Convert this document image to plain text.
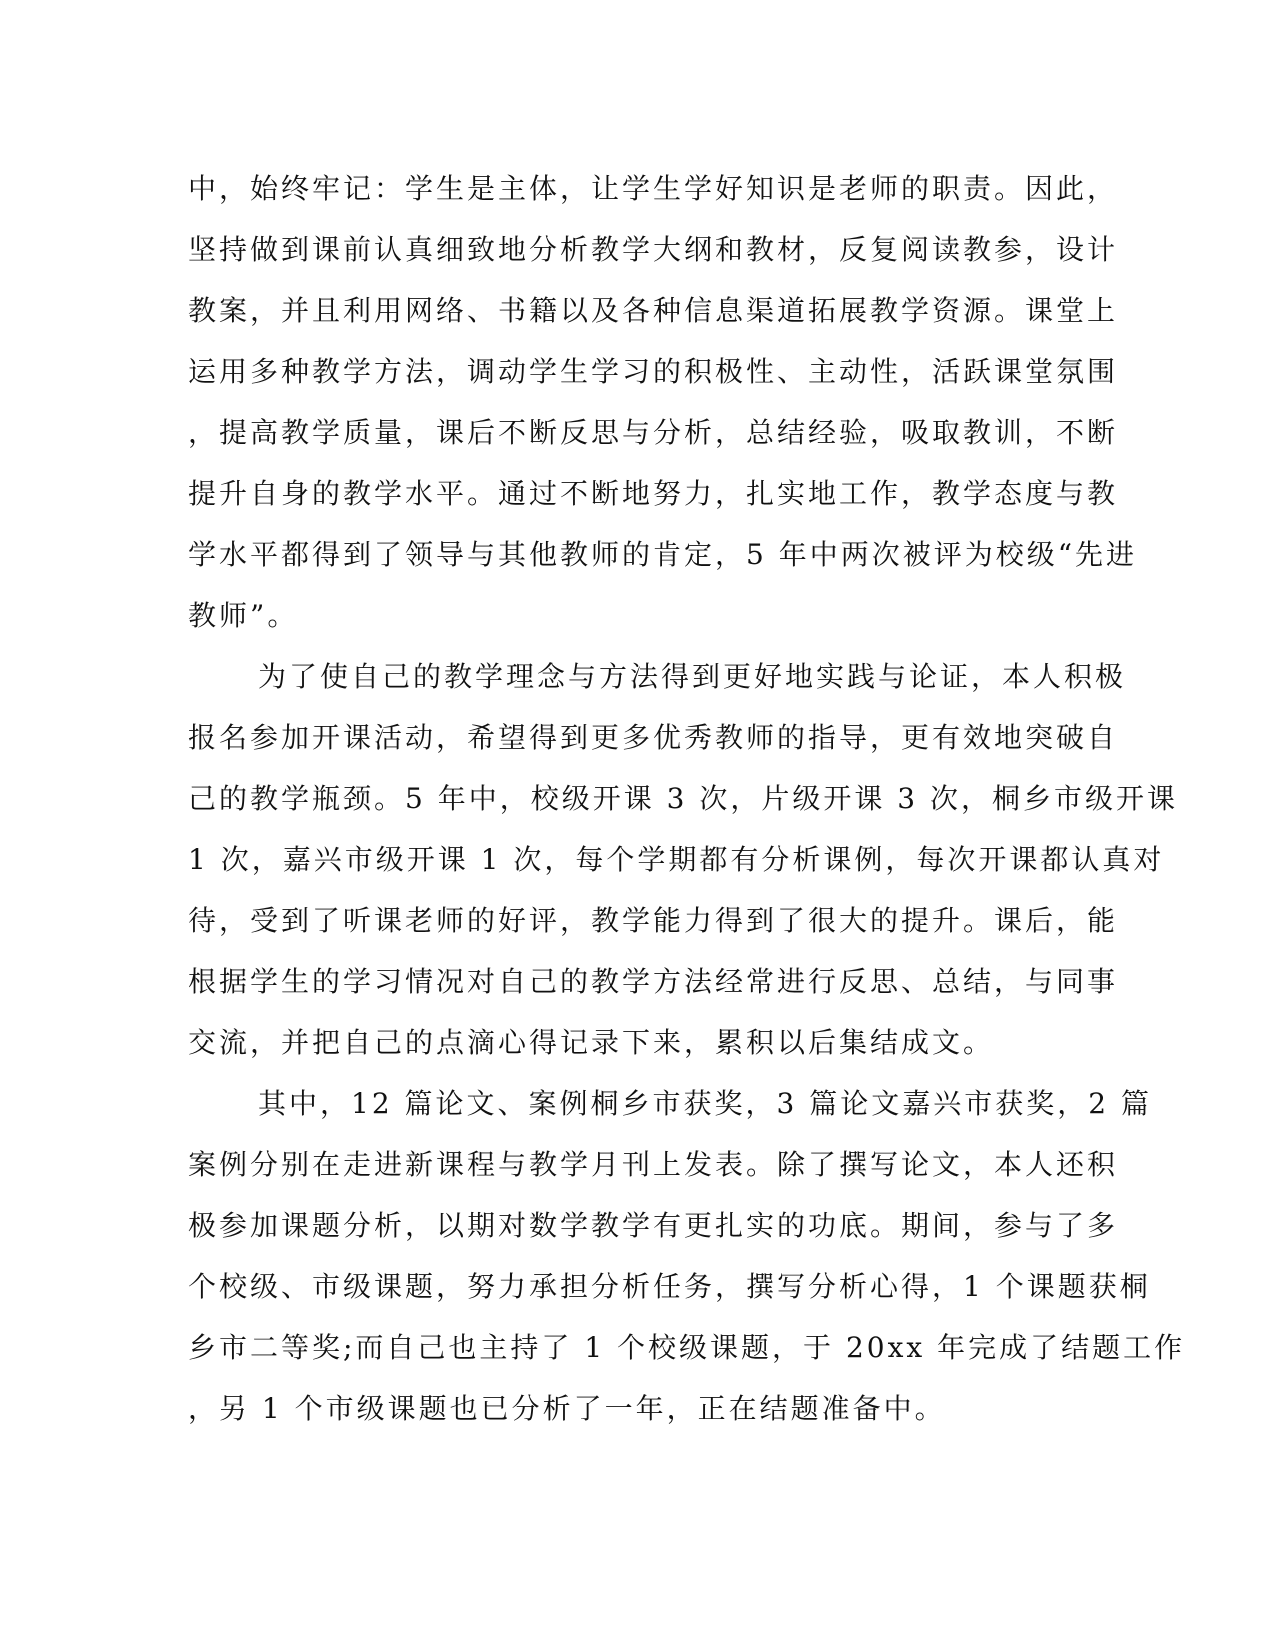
中，始终牢记：学生是主体，让学生学好知识是老师的职责。因此，
坚持做到课前认真细致地分析教学大纲和教材，反复阅读教参，设计
教案，并且利用网络、书籍以及各种信息渠道拓展教学资源。课堂上
运用多种教学方法，调动学生学习的积极性、主动性，活跃课堂氛围
，提高教学质量，课后不断反思与分析，总结经验，吸取教训，不断
提升自身的教学水平。通过不断地努力，扎实地工作，教学态度与教
学水平都得到了领导与其他教师的肯定，5 年中两次被评为校级“先进
教师”。
为了使自己的教学理念与方法得到更好地实践与论证，本人积极
报名参加开课活动，希望得到更多优秀教师的指导，更有效地突破自
己的教学瓶颈。5 年中，校级开课 3 次，片级开课 3 次，桐乡市级开课
1 次，嘉兴市级开课 1 次，每个学期都有分析课例，每次开课都认真对
待，受到了听课老师的好评，教学能力得到了很大的提升。课后，能
根据学生的学习情况对自己的教学方法经常进行反思、总结，与同事
交流，并把自己的点滴心得记录下来，累积以后集结成文。
其中，12 篇论文、案例桐乡市获奖，3 篇论文嘉兴市获奖，2 篇
案例分别在走进新课程与教学月刊上发表。除了撰写论文，本人还积
极参加课题分析，以期对数学教学有更扎实的功底。期间，参与了多
个校级、市级课题，努力承担分析任务，撰写分析心得，1 个课题获桐
乡市二等奖;而自己也主持了 1 个校级课题，于 20xx 年完成了结题工作
，另 1 个市级课题也已分析了一年，正在结题准备中。
